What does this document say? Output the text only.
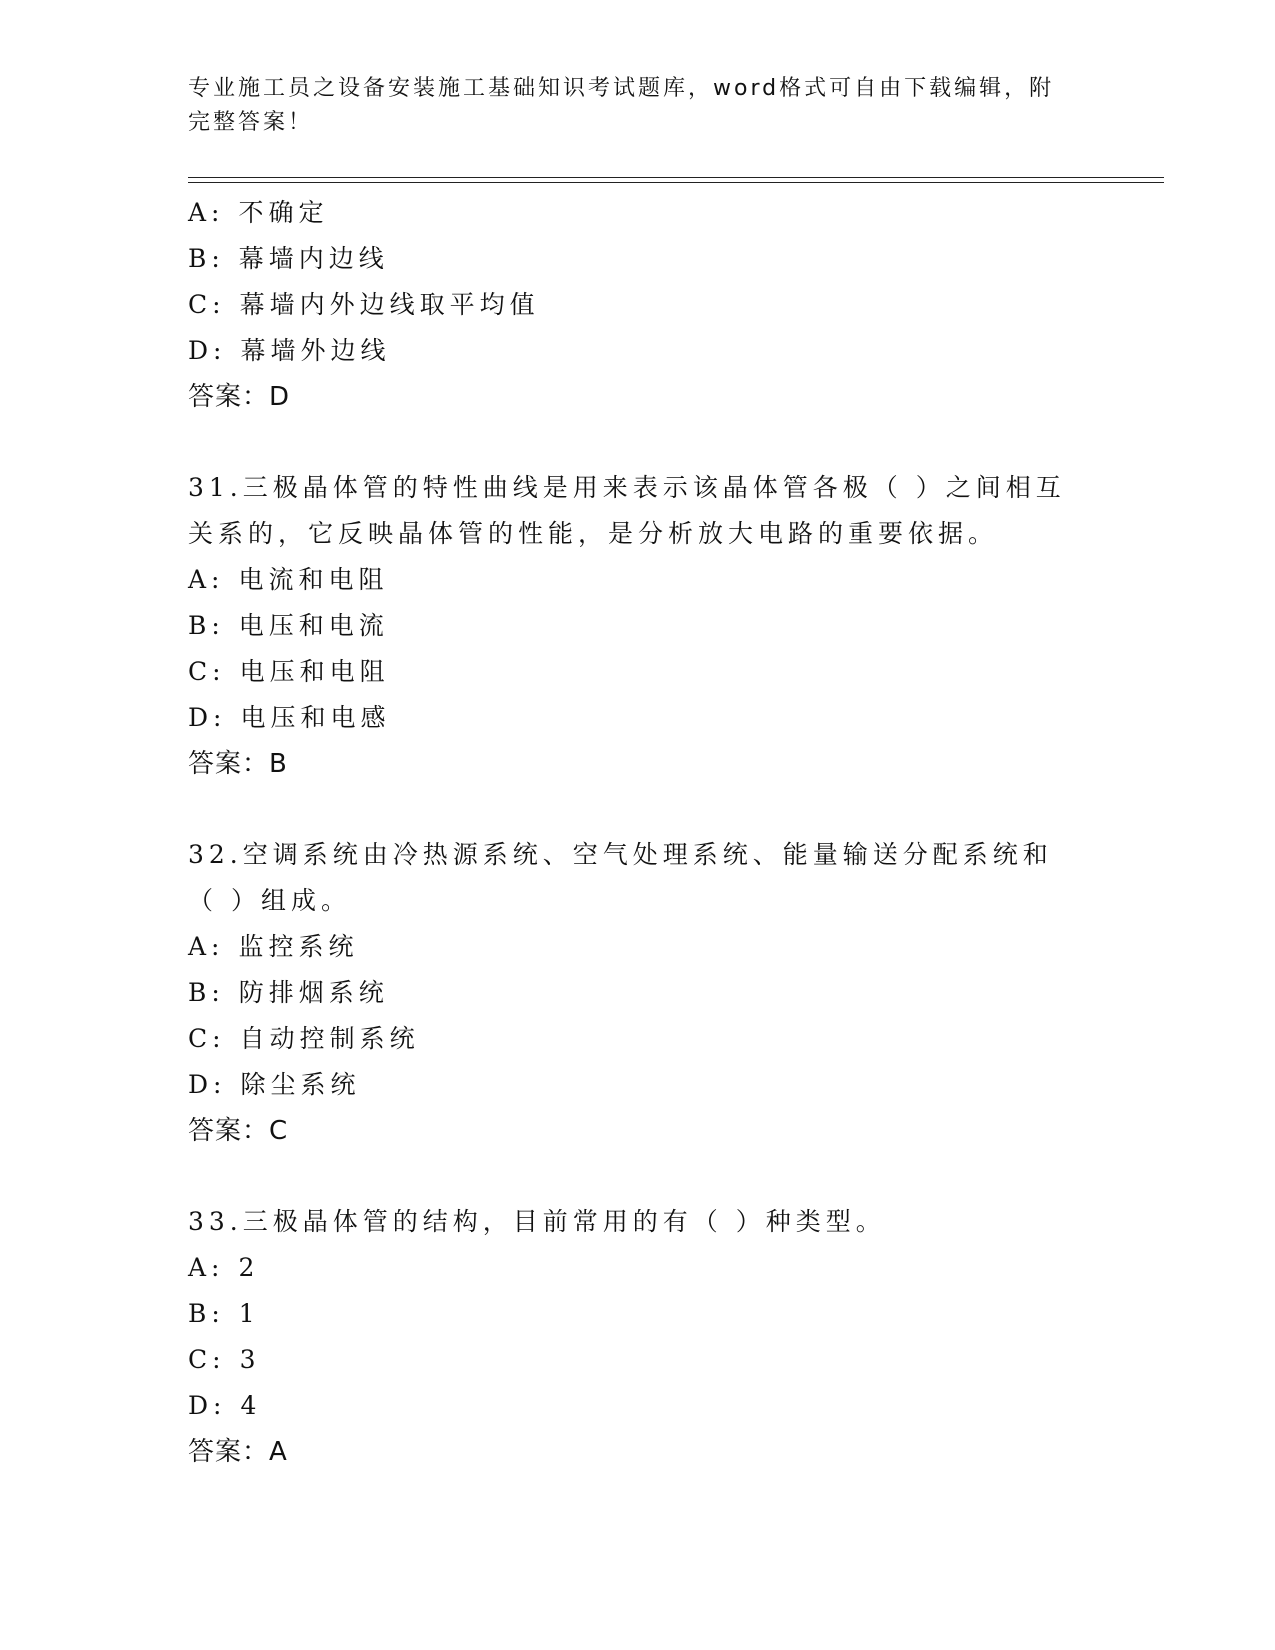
专业施工员之设备安装施工基础知识考试题库，word格式可自由下载编辑，附完整答案！
A: 不确定
B: 幕墙内边线
C: 幕墙内外边线取平均值
D: 幕墙外边线
答案：D
31.三极晶体管的特性曲线是用来表示该晶体管各极（ ）之间相互关系的，它反映晶体管的性能，是分析放大电路的重要依据。
A: 电流和电阻
B: 电压和电流
C: 电压和电阻
D: 电压和电感
答案：B
32.空调系统由冷热源系统、空气处理系统、能量输送分配系统和（ ）组成。
A: 监控系统
B: 防排烟系统
C: 自动控制系统
D: 除尘系统
答案：C
33.三极晶体管的结构，目前常用的有（ ）种类型。
A: 2
B: 1
C: 3
D: 4
答案：A
